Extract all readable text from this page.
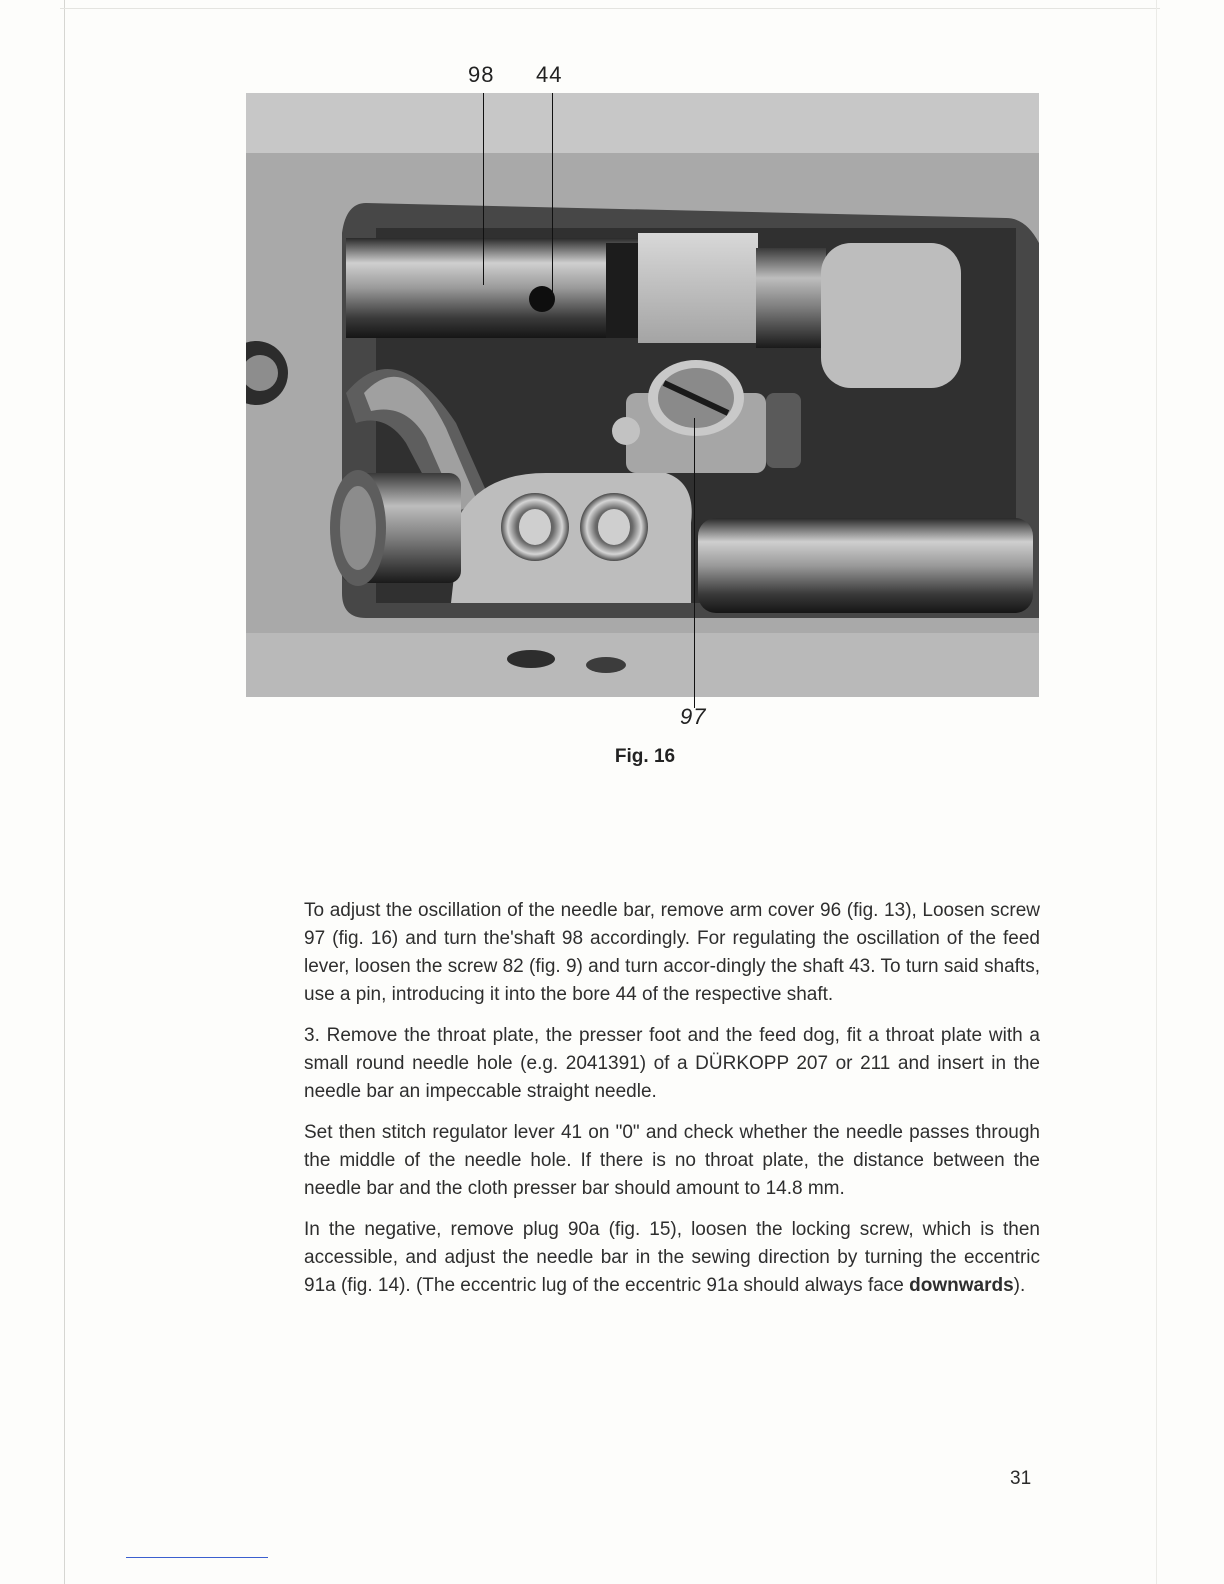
98 44
97
Fig. 16

To adjust the oscillation of the needle bar, remove arm cover 96 (fig. 13), Loosen screw 97 (fig. 16) and turn the'shaft 98 accordingly. For regulating the oscillation of the feed lever, loosen the screw 82 (fig. 9) and turn accor-dingly the shaft 43. To turn said shafts, use a pin, introducing it into the bore 44 of the respective shaft.

3. Remove the throat plate, the presser foot and the feed dog, fit a throat plate with a small round needle hole (e.g. 2041391) of a DÜRKOPP 207 or 211 and insert in the needle bar an impeccable straight needle.

Set then stitch regulator lever 41 on "0" and check whether the needle passes through the middle of the needle hole. If there is no throat plate, the distance between the needle bar and the cloth presser bar should amount to 14.8 mm.

In the negative, remove plug 90a (fig. 15), loosen the locking screw, which is then accessible, and adjust the needle bar in the sewing direction by turning the eccentric 91a (fig. 14). (The eccentric lug of the eccentric 91a should always face downwards).

31
